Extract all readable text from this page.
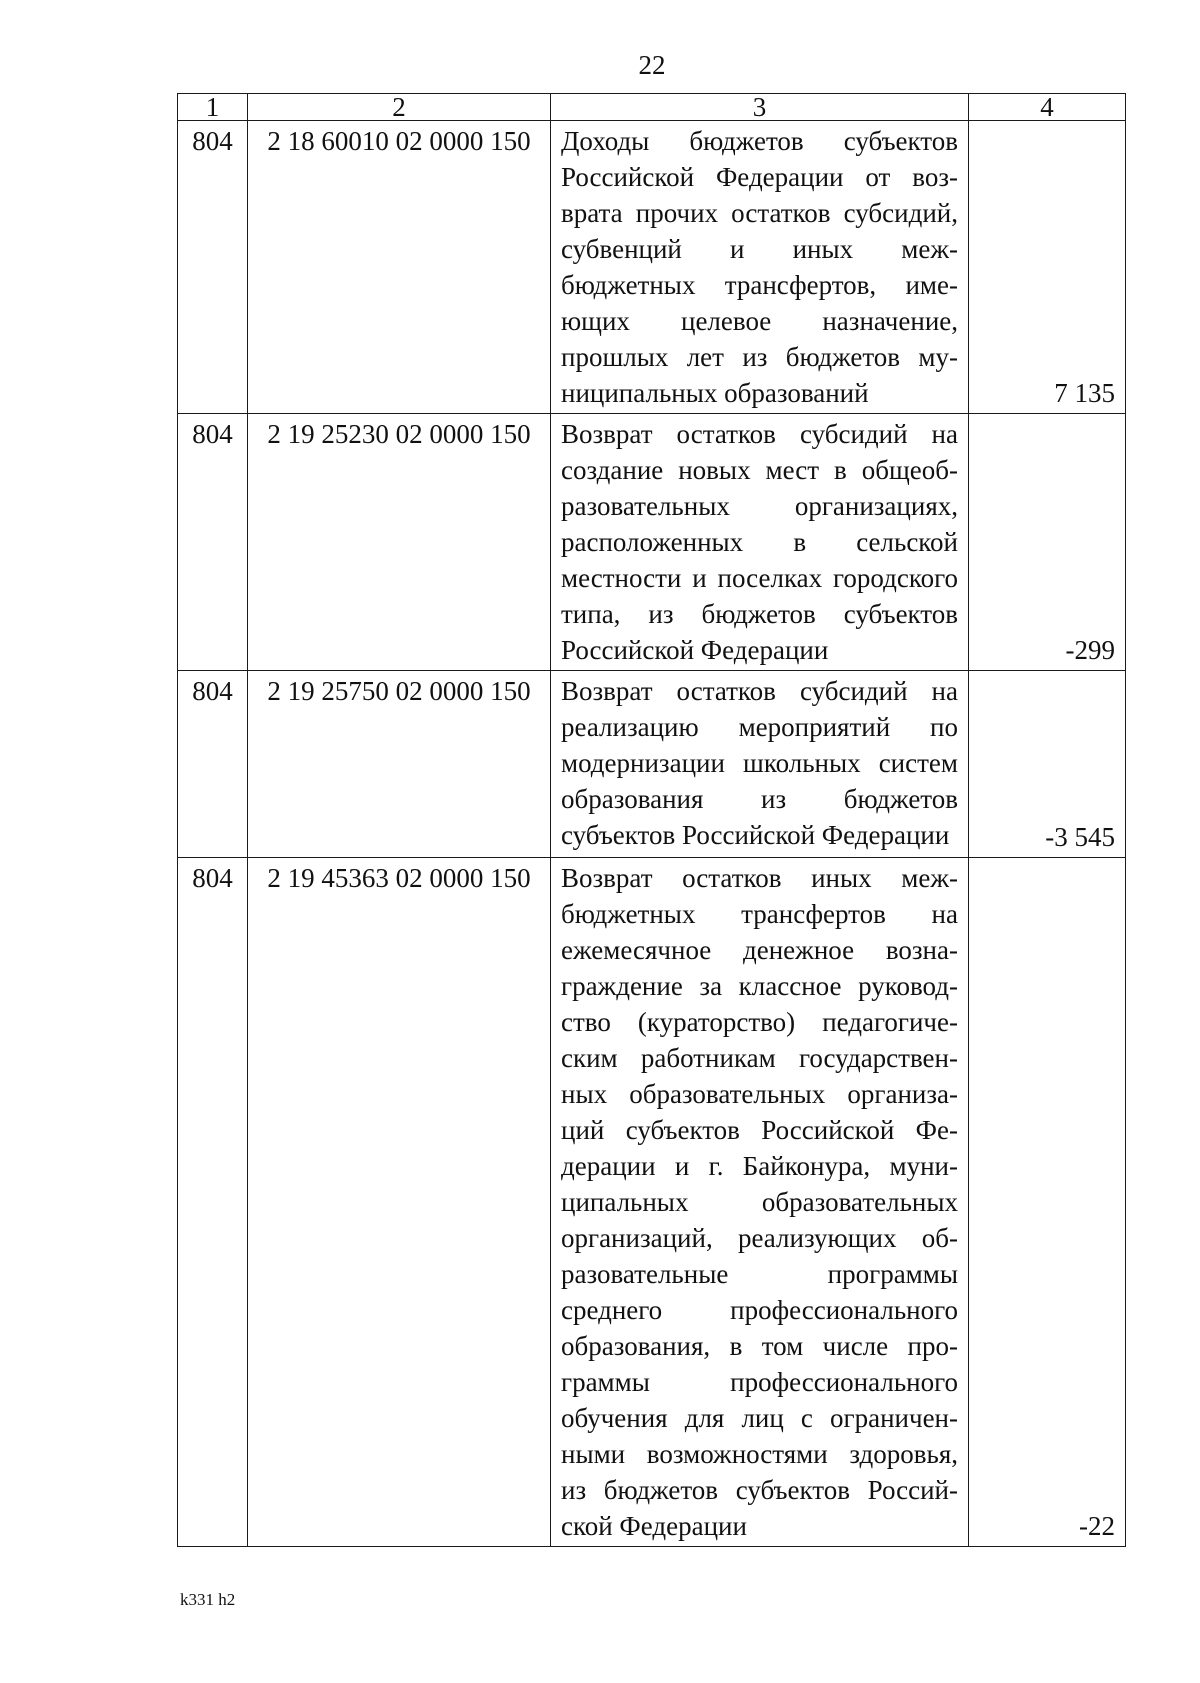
22
1	2	3	4
804	2 18 60010 02 0000 150	Доходы бюджетов субъектов Российской Федерации от возврата прочих остатков субсидий, субвенций и иных межбюджетных трансфертов, имеющих целевое назначение, прошлых лет из бюджетов муниципальных образований	7 135
804	2 19 25230 02 0000 150	Возврат остатков субсидий на создание новых мест в общеобразовательных организациях, расположенных в сельской местности и поселках городского типа, из бюджетов субъектов Российской Федерации	-299
804	2 19 25750 02 0000 150	Возврат остатков субсидий на реализацию мероприятий по модернизации школьных систем образования из бюджетов субъектов Российской Федерации	-3 545
804	2 19 45363 02 0000 150	Возврат остатков иных межбюджетных трансфертов на ежемесячное денежное вознаграждение за классное руководство (кураторство) педагогическим работникам государственных образовательных организаций субъектов Российской Федерации и г. Байконура, муниципальных образовательных организаций, реализующих образовательные программы среднего профессионального образования, в том числе программы профессионального обучения для лиц с ограниченными возможностями здоровья, из бюджетов субъектов Российской Федерации	-22
k331 h2
